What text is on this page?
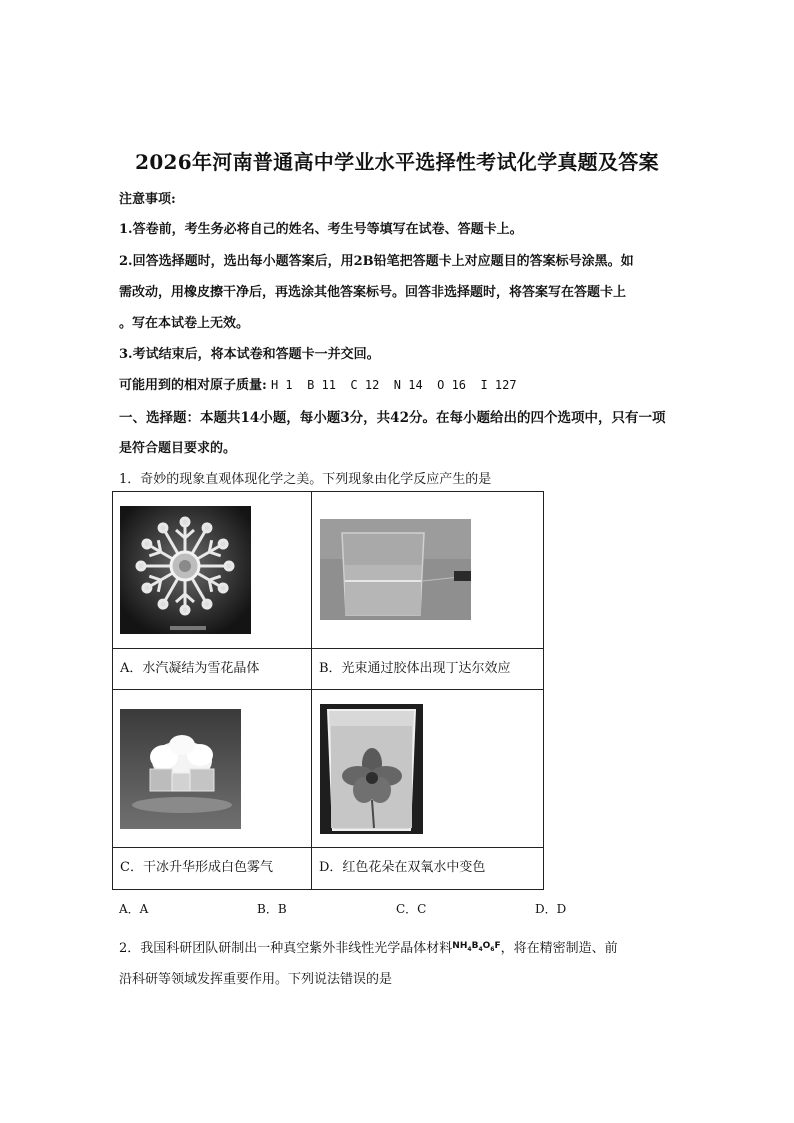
2026年河南普通高中学业水平选择性考试化学真题及答案
注意事项:
1.答卷前，考生务必将自己的姓名、考生号等填写在试卷、答题卡上。
2.回答选择题时，选出每小题答案后，用2B铅笔把答题卡上对应题目的答案标号涂黑。如
需改动，用橡皮擦干净后，再选涂其他答案标号。回答非选择题时，将答案写在答题卡上
。写在本试卷上无效。
3.考试结束后，将本试卷和答题卡一并交回。
可能用到的相对原子质量: H 1  B 11  C 12  N 14  O 16  I 127
一、选择题：本题共14小题，每小题3分，共42分。在每小题给出的四个选项中，只有一项
是符合题目要求的。
1．奇妙的现象直观体现化学之美。下列现象由化学反应产生的是

A．水汽凝结为雪花晶体	B．光束通过胶体出现丁达尔效应

C．干冰升华形成白色雾气	D．红色花朵在双氧水中变色
A．A	B．B	C．C	D．D
2．我国科研团队研制出一种真空紫外非线性光学晶体材料$^{NH_4B_4O_6F}$，将在精密制造、前
沿科研等领域发挥重要作用。下列说法错误的是
